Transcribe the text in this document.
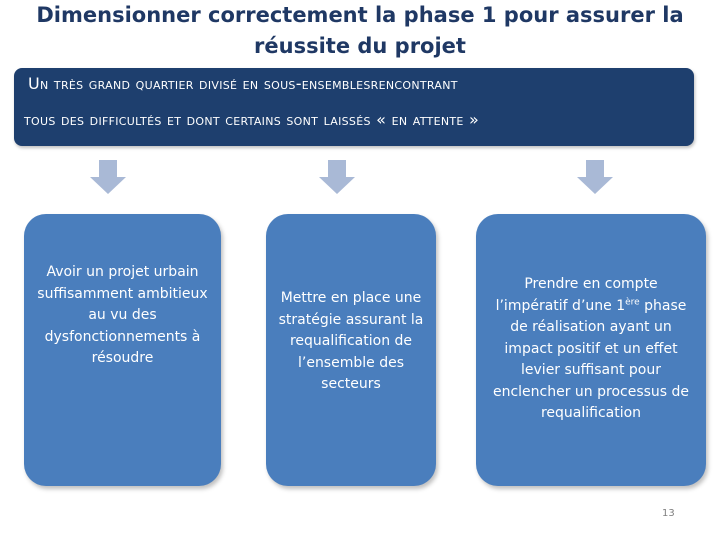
Dimensionner correctement la phase 1 pour assurer la
réussite du projet
Un très grand quartier divisé en sous-ensemblesrencontrant
tous des difficultés et dont certains sont laissés « en attente »
Avoir un projet urbain suffisamment ambitieux au vu des dysfonctionnements à résoudre
Mettre en place une stratégie assurant la requalification de l’ensemble des secteurs
Prendre en compte l’impératif d’une 1ère phase de réalisation ayant un impact positif et un effet levier suffisant pour enclencher un processus de requalification
13
